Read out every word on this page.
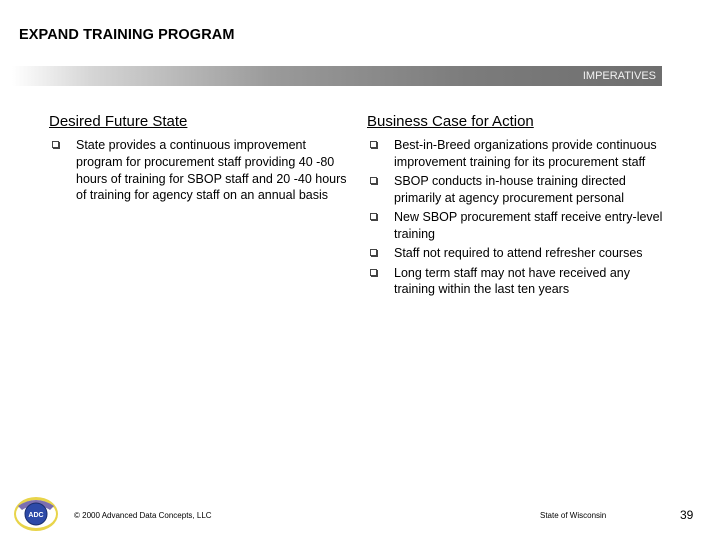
EXPAND TRAINING PROGRAM
IMPERATIVES
Desired Future State	Business Case for Action
State provides a continuous improvement program for procurement staff providing 40 -80 hours of training for SBOP staff and 20 -40 hours of training for agency staff on an annual basis
Best-in-Breed organizations provide continuous improvement training for its procurement staff
SBOP conducts in-house training directed primarily at agency procurement personal
New SBOP procurement staff receive entry-level training
Staff not required to attend refresher courses
Long term staff may not have received any training within the last ten years
ADC	© 2000 Advanced Data Concepts, LLC	State of Wisconsin	39
